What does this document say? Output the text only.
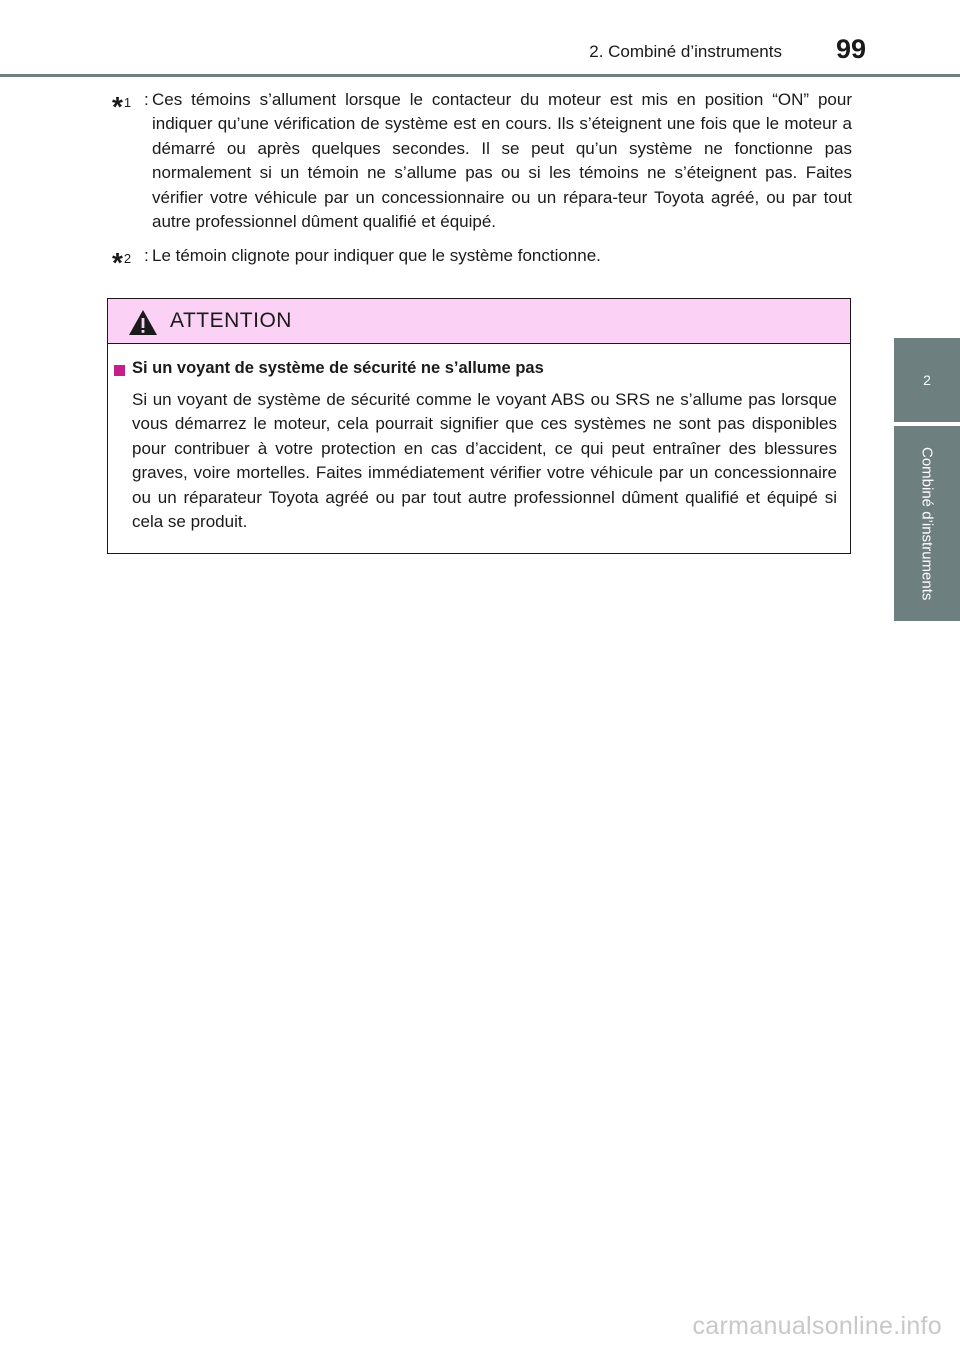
2. Combiné d’instruments	99
2
Combiné d’instruments
*1 : Ces témoins s’allument lorsque le contacteur du moteur est mis en position “ON” pour indiquer qu’une vérification de système est en cours. Ils s’éteignent une fois que le moteur a démarré ou après quelques secondes. Il se peut qu’un système ne fonctionne pas normalement si un témoin ne s’allume pas ou si les témoins ne s’éteignent pas. Faites vérifier votre véhicule par un concessionnaire ou un répara-teur Toyota agréé, ou par tout autre professionnel dûment qualifié et équipé.
*2 : Le témoin clignote pour indiquer que le système fonctionne.
ATTENTION
Si un voyant de système de sécurité ne s’allume pas
Si un voyant de système de sécurité comme le voyant ABS ou SRS ne s’allume pas lorsque vous démarrez le moteur, cela pourrait signifier que ces systèmes ne sont pas disponibles pour contribuer à votre protection en cas d’accident, ce qui peut entraîner des blessures graves, voire mortelles. Faites immédiatement vérifier votre véhicule par un concessionnaire ou un réparateur Toyota agréé ou par tout autre professionnel dûment qualifié et équipé si cela se produit.
carmanualsonline.info
